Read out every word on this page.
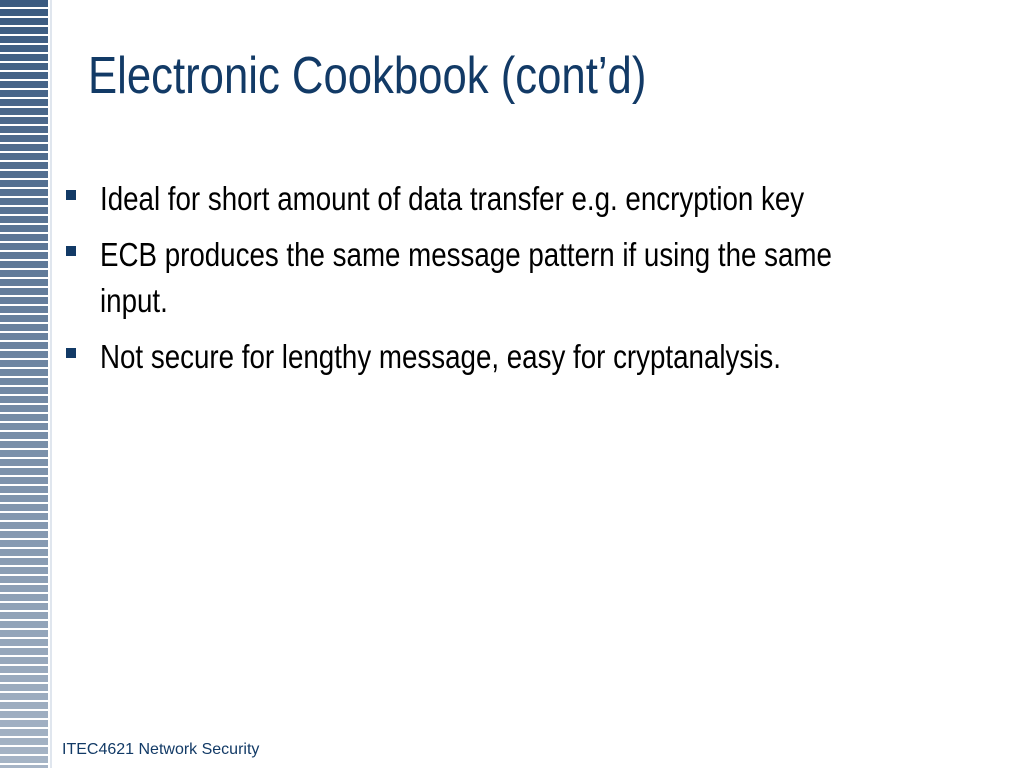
Electronic Cookbook (cont’d)
Ideal for short amount of data transfer e.g. encryption key
ECB produces the same message pattern if using the same input.
Not secure for lengthy message, easy for cryptanalysis.
ITEC4621 Network Security
